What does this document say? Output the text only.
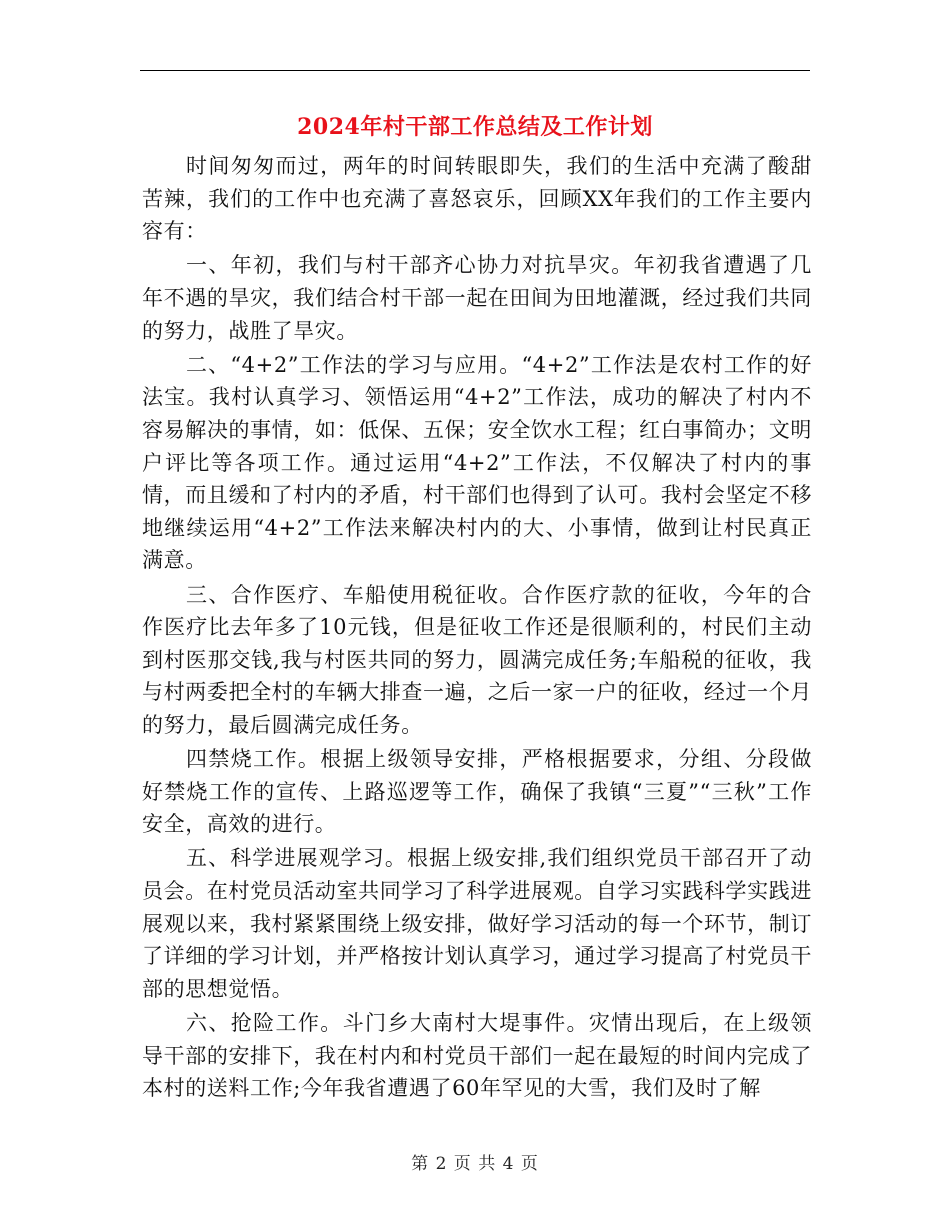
2024年村干部工作总结及工作计划

时间匆匆而过，两年的时间转眼即失，我们的生活中充满了酸甜苦辣，我们的工作中也充满了喜怒哀乐，回顾XX年我们的工作主要内容有：

一、年初，我们与村干部齐心协力对抗旱灾。年初我省遭遇了几年不遇的旱灾，我们结合村干部一起在田间为田地灌溉，经过我们共同的努力，战胜了旱灾。

二、“4+2”工作法的学习与应用。“4+2”工作法是农村工作的好法宝。我村认真学习、领悟运用“4+2”工作法，成功的解决了村内不容易解决的事情，如：低保、五保；安全饮水工程；红白事简办；文明户评比等各项工作。通过运用“4+2”工作法，不仅解决了村内的事情，而且缓和了村内的矛盾，村干部们也得到了认可。我村会坚定不移地继续运用“4+2”工作法来解决村内的大、小事情，做到让村民真正满意。

三、合作医疗、车船使用税征收。合作医疗款的征收，今年的合作医疗比去年多了10元钱，但是征收工作还是很顺利的，村民们主动到村医那交钱,我与村医共同的努力，圆满完成任务;车船税的征收，我与村两委把全村的车辆大排查一遍，之后一家一户的征收，经过一个月的努力，最后圆满完成任务。

四禁烧工作。根据上级领导安排，严格根据要求，分组、分段做好禁烧工作的宣传、上路巡逻等工作，确保了我镇“三夏”“三秋”工作安全，高效的进行。

五、科学进展观学习。根据上级安排,我们组织党员干部召开了动员会。在村党员活动室共同学习了科学进展观。自学习实践科学实践进展观以来，我村紧紧围绕上级安排，做好学习活动的每一个环节，制订了详细的学习计划，并严格按计划认真学习，通过学习提高了村党员干部的思想觉悟。

六、抢险工作。斗门乡大南村大堤事件。灾情出现后，在上级领导干部的安排下，我在村内和村党员干部们一起在最短的时间内完成了本村的送料工作;今年我省遭遇了60年罕见的大雪，我们及时了解

第 2 页 共 4 页
